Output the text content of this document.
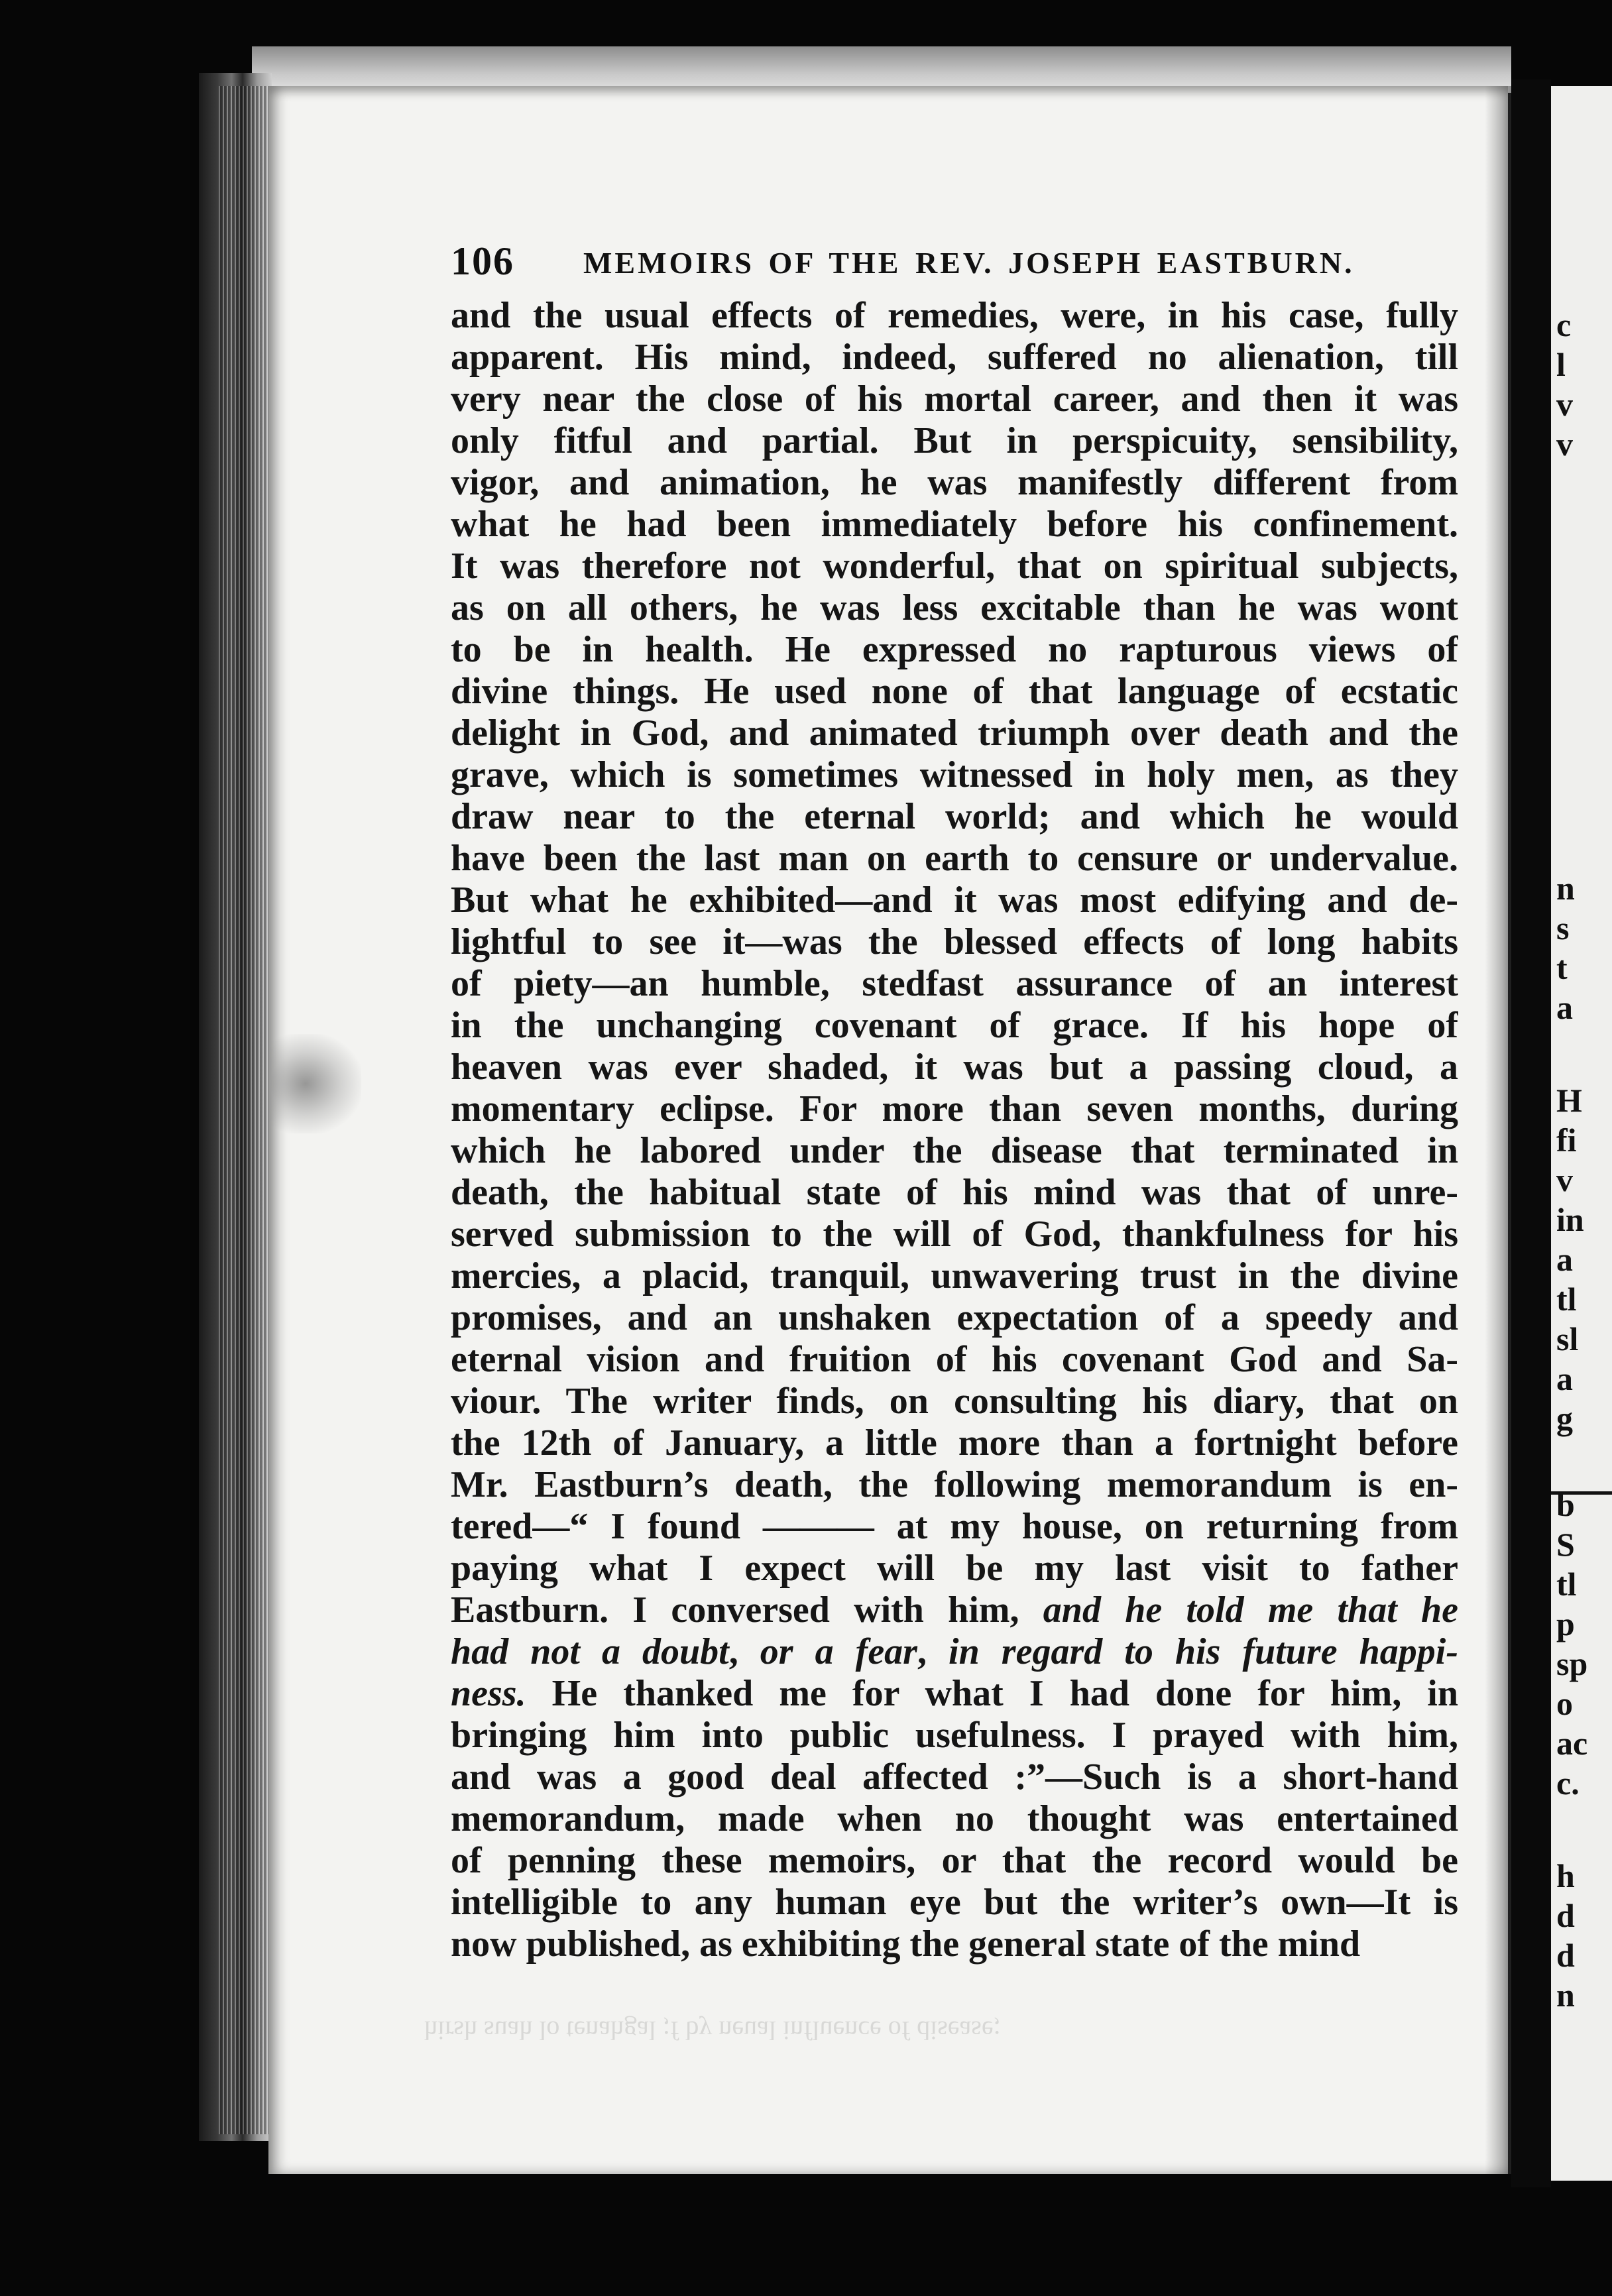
c
l
v
v
n
s
t
a
H
fi
v
in
a
tl
sl
a
g
b
S
tl
p
sp
o
ac
c.
h
d
d
n
hirsh suah lo tenahgal ;f by neual influence of disease;
106 MEMOIRS OF THE REV. JOSEPH EASTBURN.
and the usual effects of remedies, were, in his case, fully
apparent. His mind, indeed, suffered no alienation, till
very near the close of his mortal career, and then it was
only fitful and partial. But in perspicuity, sensibility,
vigor, and animation, he was manifestly different from
what he had been immediately before his confinement.
It was therefore not wonderful, that on spiritual subjects,
as on all others, he was less excitable than he was wont
to be in health. He expressed no rapturous views of
divine things. He used none of that language of ecstatic
delight in God, and animated triumph over death and the
grave, which is sometimes witnessed in holy men, as they
draw near to the eternal world; and which he would
have been the last man on earth to censure or undervalue.
But what he exhibited—and it was most edifying and de-
lightful to see it—was the blessed effects of long habits
of piety—an humble, stedfast assurance of an interest
in the unchanging covenant of grace. If his hope of
heaven was ever shaded, it was but a passing cloud, a
momentary eclipse. For more than seven months, during
which he labored under the disease that terminated in
death, the habitual state of his mind was that of unre-
served submission to the will of God, thankfulness for his
mercies, a placid, tranquil, unwavering trust in the divine
promises, and an unshaken expectation of a speedy and
eternal vision and fruition of his covenant God and Sa-
viour. The writer finds, on consulting his diary, that on
the 12th of January, a little more than a fortnight before
Mr. Eastburn’s death, the following memorandum is en-
tered—“ I found ——— at my house, on returning from
paying what I expect will be my last visit to father
Eastburn. I conversed with him, and he told me that he
had not a doubt, or a fear, in regard to his future happi-
ness. He thanked me for what I had done for him, in
bringing him into public usefulness. I prayed with him,
and was a good deal affected :”—Such is a short-hand
memorandum, made when no thought was entertained
of penning these memoirs, or that the record would be
intelligible to any human eye but the writer’s own—It is
now published, as exhibiting the general state of the mind
